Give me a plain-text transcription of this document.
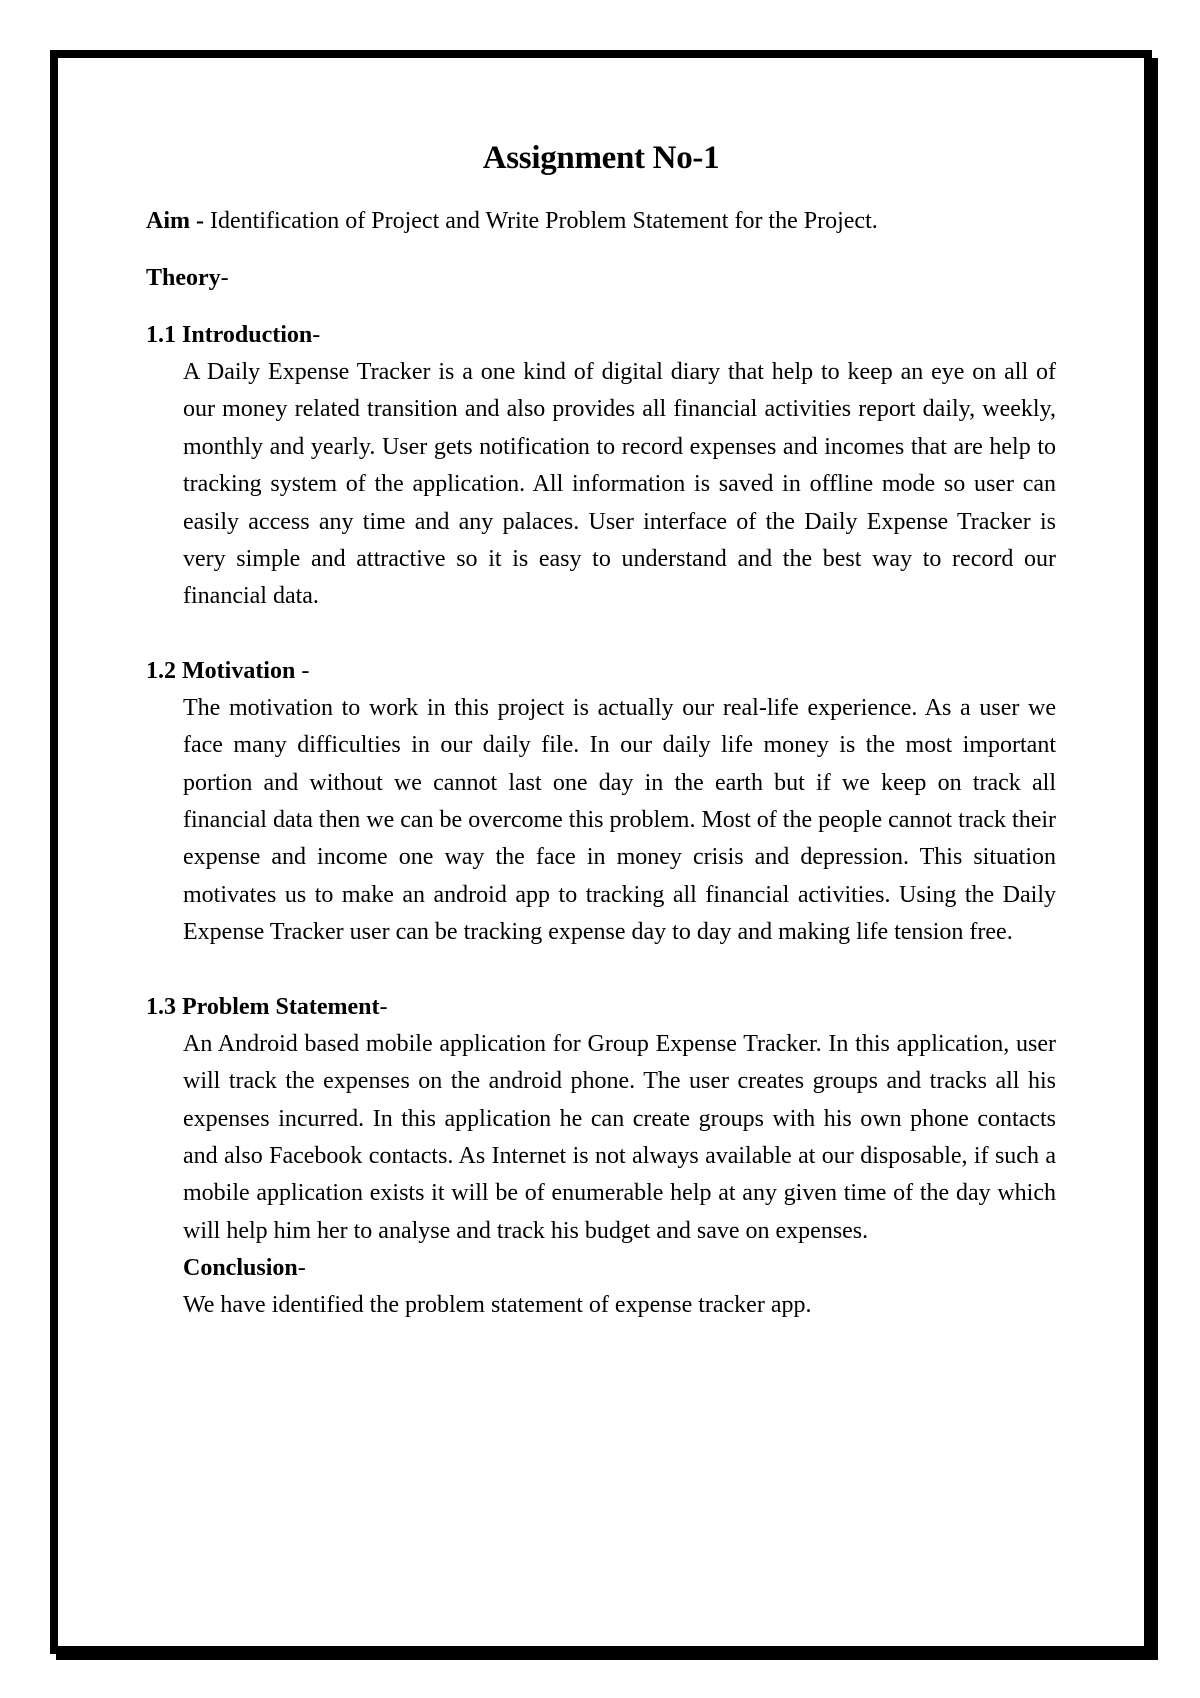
Assignment No-1

Aim - Identification of Project and Write Problem Statement for the Project.

Theory-

1.1 Introduction-

A Daily Expense Tracker is a one kind of digital diary that help to keep an eye on all of our money related transition and also provides all financial activities report daily, weekly, monthly and yearly. User gets notification to record expenses and incomes that are help to tracking system of the application. All information is saved in offline mode so user can easily access any time and any palaces. User interface of the Daily Expense Tracker is very simple and attractive so it is easy to understand and the best way to record our financial data.

1.2 Motivation -

The motivation to work in this project is actually our real-life experience. As a user we face many difficulties in our daily file. In our daily life money is the most important portion and without we cannot last one day in the earth but if we keep on track all financial data then we can be overcome this problem. Most of the people cannot track their expense and income one way the face in money crisis and depression. This situation motivates us to make an android app to tracking all financial activities. Using the Daily Expense Tracker user can be tracking expense day to day and making life tension free.

1.3 Problem Statement-

An Android based mobile application for Group Expense Tracker. In this application, user will track the expenses on the android phone. The user creates groups and tracks all his expenses incurred. In this application he can create groups with his own phone contacts and also Facebook contacts. As Internet is not always available at our disposable, if such a mobile application exists it will be of enumerable help at any given time of the day which will help him her to analyse and track his budget and save on expenses.

Conclusion-

We have identified the problem statement of expense tracker app.
